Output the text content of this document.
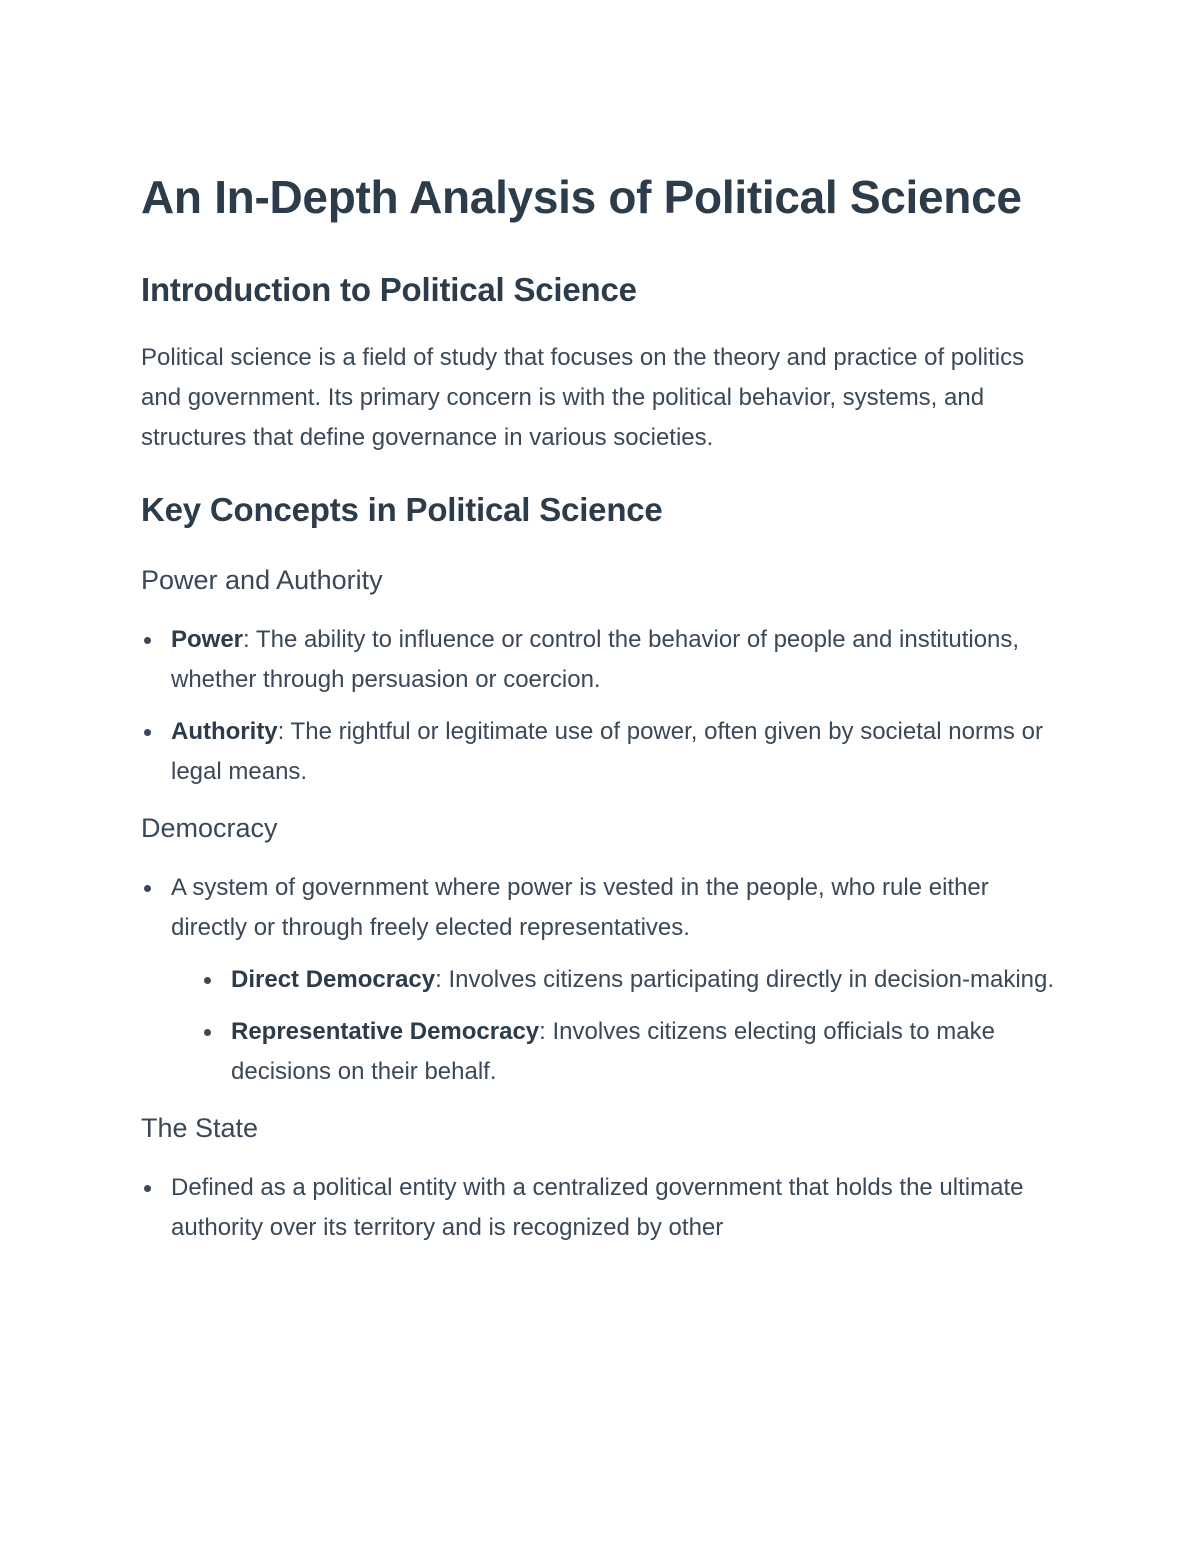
An In-Depth Analysis of Political Science
Introduction to Political Science

Political science is a field of study that focuses on the theory and practice of politics and government. Its primary concern is with the political behavior, systems, and structures that define governance in various societies.

Key Concepts in Political Science
Power and Authority
Power: The ability to influence or control the behavior of people and institutions, whether through persuasion or coercion.
Authority: The rightful or legitimate use of power, often given by societal norms or legal means.
Democracy
A system of government where power is vested in the people, who rule either directly or through freely elected representatives.
Direct Democracy: Involves citizens participating directly in decision-making.
Representative Democracy: Involves citizens electing officials to make decisions on their behalf.
The State
Defined as a political entity with a centralized government that holds the ultimate authority over its territory and is recognized by other
